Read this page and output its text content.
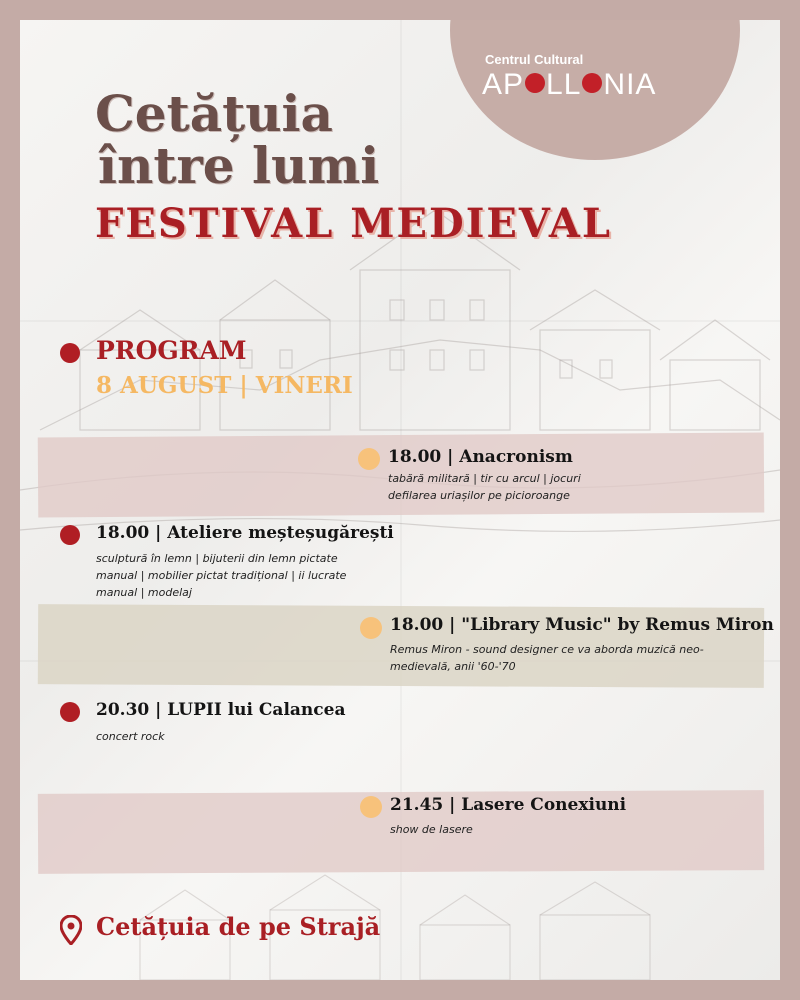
Centrul Cultural
AP LL NIA
Cetățuia
între lumi
FESTIVAL MEDIEVAL
PROGRAM
8 AUGUST | VINERI
18.00 | Anacronism
tabără militară | tir cu arcul | jocuri
defilarea uriașilor pe picioroange
18.00 | Ateliere meșteșugărești
sculptură în lemn | bijuterii din lemn pictate
manual | mobilier pictat tradițional | ii lucrate
manual | modelaj
18.00 | "Library Music" by Remus Miron
Remus Miron - sound designer ce va aborda muzică neo-
medievală, anii '60-'70
20.30 | LUPII lui Calancea
concert rock
21.45 | Lasere Conexiuni
show de lasere
Cetățuia de pe Strajă
